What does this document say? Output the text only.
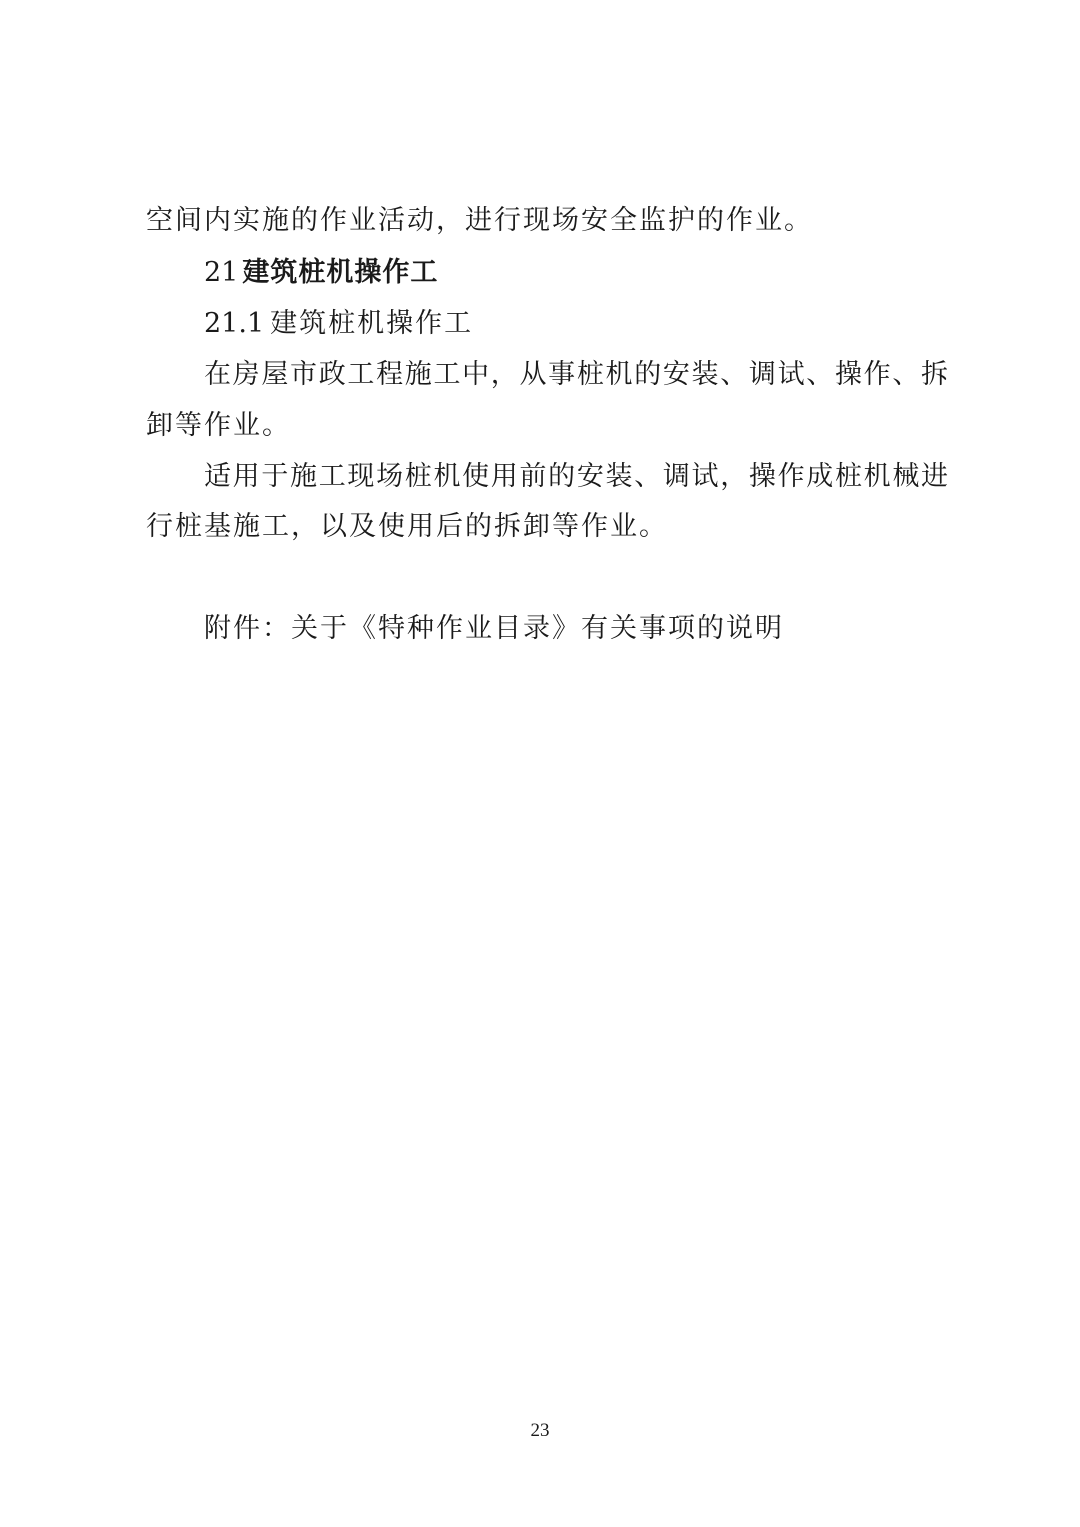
空间内实施的作业活动，进行现场安全监护的作业。
21 建筑桩机操作工
21.1 建筑桩机操作工
在房屋市政工程施工中，从事桩机的安装、调试、操作、拆
卸等作业。
适用于施工现场桩机使用前的安装、调试，操作成桩机械进
行桩基施工，以及使用后的拆卸等作业。
附件：关于《特种作业目录》有关事项的说明
23
